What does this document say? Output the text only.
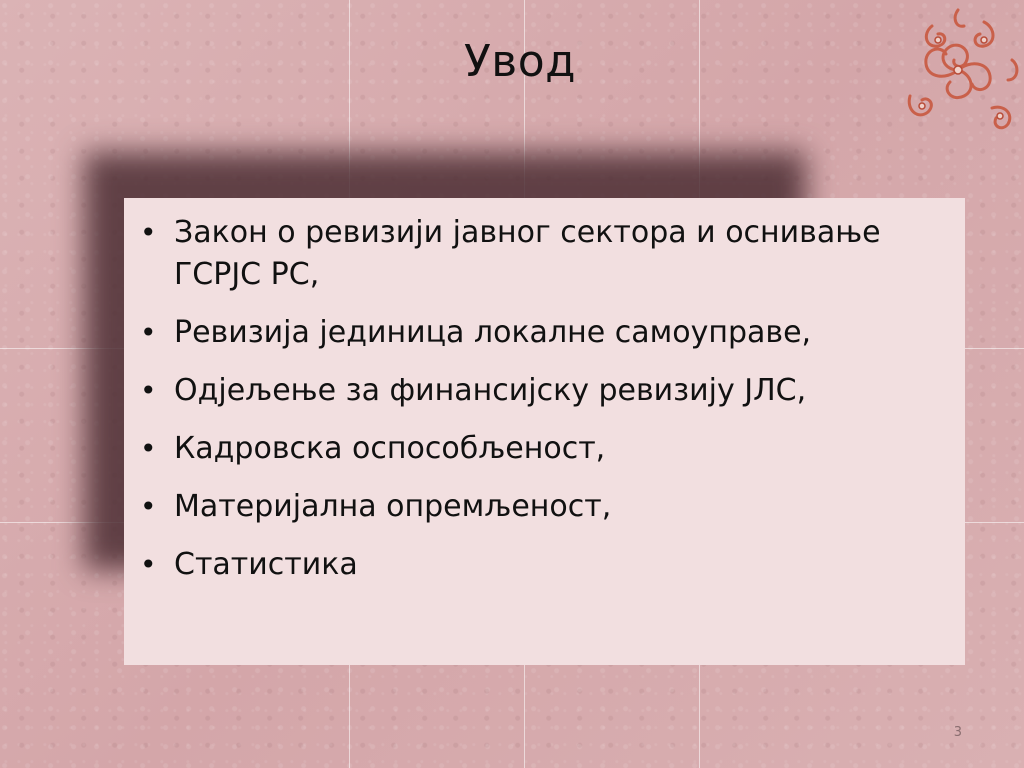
Увод
• Закон о ревизији јавног сектора и оснивање ГСРЈС РС,
• Ревизија јединица локалне самоуправе,
• Одјељење за финансијску ревизију ЈЛС,
• Кадровска оспособљеност,
• Материјална опремљеност,
• Статистика
3
